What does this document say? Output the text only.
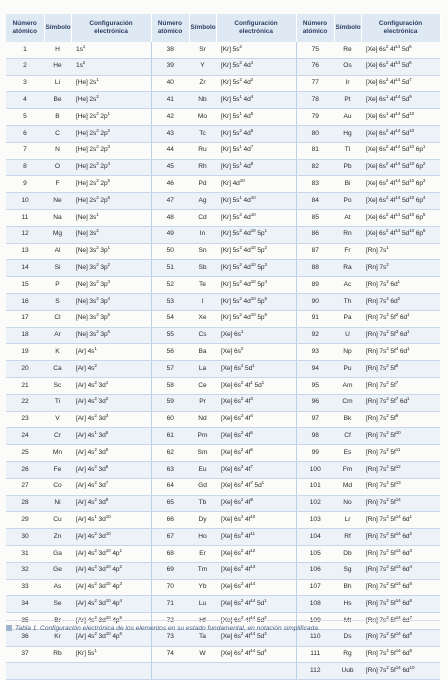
Número atómico	Símbolo	Configuración electrónica	Número atómico	Símbolo	Configuración electrónica	Número atómico	Símbolo	Configuración electrónica
1	H	$1s^1$	38	Sr	[Kr] $5s^2$	75	Re	[Xe] $6s^2$ $4f^{14}$ $5d^5$
2	He	$1s^2$	39	Y	[Kr] $5s^2$ $4d^1$	76	Os	[Xe] $6s^2$ $4f^{14}$ $5d^6$
3	Li	[He] $2s^1$	40	Zr	[Kr] $5s^2$ $4d^2$	77	Ir	[Xe] $6s^2$ $4f^{14}$ $5d^7$
4	Be	[He] $2s^2$	41	Nb	[Kr] $5s^1$ $4d^4$	78	Pt	[Xe] $6s^1$ $4f^{14}$ $5d^9$
5	B	[He] $2s^2$ $2p^1$	42	Mo	[Kr] $5s^1$ $4d^5$	79	Au	[Xe] $6s^1$ $4f^{14}$ $5d^{10}$
6	C	[He] $2s^2$ $2p^2$	43	Tc	[Kr] $5s^2$ $4d^5$	80	Hg	[Xe] $6s^2$ $4f^{14}$ $5d^{10}$
7	N	[He] $2s^2$ $2p^3$	44	Ru	[Kr] $5s^1$ $4d^7$	81	Tl	[Xe] $6s^2$ $4f^{14}$ $5d^{10}$ $6p^1$
8	O	[He] $2s^2$ $2p^4$	45	Rh	[Kr] $5s^1$ $4d^8$	82	Pb	[Xe] $6s^2$ $4f^{14}$ $5d^{10}$ $6p^2$
9	F	[He] $2s^2$ $2p^5$	46	Pd	[Kr] $4d^{10}$	83	Bi	[Xe] $6s^2$ $4f^{14}$ $5d^{10}$ $6p^3$
10	Ne	[He] $2s^2$ $2p^6$	47	Ag	[Kr] $5s^1$ $4d^{10}$	84	Po	[Xe] $6s^2$ $4f^{14}$ $5d^{10}$ $6p^4$
11	Na	[Ne] $3s^1$	48	Cd	[Kr] $5s^2$ $4d^{10}$	85	At	[Xe] $6s^2$ $4f^{14}$ $5d^{10}$ $6p^5$
12	Mg	[Ne] $3s^2$	49	In	[Kr] $5s^2$ $4d^{10}$ $5p^1$	86	Rn	[Xe] $6s^2$ $4f^{14}$ $5d^{10}$ $6p^6$
13	Al	[Ne] $3s^2$ $3p^1$	50	Sn	[Kr] $5s^2$ $4d^{10}$ $5p^2$	87	Fr	[Rn] $7s^1$
14	Si	[Ne] $3s^2$ $3p^2$	51	Sb	[Kr] $5s^2$ $4d^{10}$ $5p^3$	88	Ra	[Rn] $7s^2$
15	P	[Ne] $3s^2$ $3p^3$	52	Te	[Kr] $5s^2$ $4d^{10}$ $5p^4$	89	Ac	[Rn] $7s^2$ $6d^1$
16	S	[Ne] $3s^2$ $3p^4$	53	I	[Kr] $5s^2$ $4d^{10}$ $5p^5$	90	Th	[Rn] $7s^2$ $6d^2$
17	Cl	[Ne] $3s^2$ $3p^5$	54	Xe	[Kr] $5s^2$ $4d^{10}$ $5p^6$	91	Pa	[Rn] $7s^2$ $5f^2$ $6d^1$
18	Ar	[Ne] $3s^2$ $3p^6$	55	Cs	[Xe] $6s^1$	92	U	[Rn] $7s^2$ $5f^3$ $6d^1$
19	K	[Ar] $4s^1$	56	Ba	[Xe] $6s^2$	93	Np	[Rn] $7s^2$ $5f^4$ $6d^1$
20	Ca	[Ar] $4s^2$	57	La	[Xe] $6s^2$ $5d^1$	94	Pu	[Rn] $7s^2$ $5f^6$
21	Sc	[Ar] $4s^2$ $3d^1$	58	Ce	[Xe] $6s^2$ $4f^1$ $5d^1$	95	Am	[Rn] $7s^2$ $5f^7$
22	Ti	[Ar] $4s^2$ $3d^2$	59	Pr	[Xe] $6s^2$ $4f^3$	96	Cm	[Rn] $7s^2$ $5f^7$ $6d^1$
23	V	[Ar] $4s^2$ $3d^3$	60	Nd	[Xe] $6s^2$ $4f^4$	97	Bk	[Rn] $7s^2$ $5f^9$
24	Cr	[Ar] $4s^1$ $3d^5$	61	Pm	[Xe] $6s^2$ $4f^5$	98	Cf	[Rn] $7s^2$ $5f^{10}$
25	Mn	[Ar] $4s^2$ $3d^5$	62	Sm	[Xe] $6s^2$ $4f^6$	99	Es	[Rn] $7s^2$ $5f^{11}$
26	Fe	[Ar] $4s^2$ $3d^6$	63	Eu	[Xe] $6s^2$ $4f^7$	100	Fm	[Rn] $7s^2$ $5f^{12}$
27	Co	[Ar] $4s^2$ $3d^7$	64	Gd	[Xe] $6s^2$ $4f^7$ $5d^1$	101	Md	[Rn] $7s^2$ $5f^{13}$
28	Ni	[Ar] $4s^2$ $3d^8$	65	Tb	[Xe] $6s^2$ $4f^9$	102	No	[Rn] $7s^2$ $5f^{14}$
29	Cu	[Ar] $4s^1$ $3d^{10}$	66	Dy	[Xe] $6s^2$ $4f^{10}$	103	Lr	[Rn] $7s^2$ $5f^{14}$ $6d^1$
30	Zn	[Ar] $4s^2$ $3d^{10}$	67	Ho	[Xe] $6s^2$ $4f^{11}$	104	Rf	[Rn] $7s^2$ $5f^{14}$ $6d^2$
31	Ga	[Ar] $4s^2$ $3d^{10}$ $4p^1$	68	Er	[Xe] $6s^2$ $4f^{12}$	105	Db	[Rn] $7s^2$ $5f^{14}$ $6d^3$
32	Ge	[Ar] $4s^2$ $3d^{10}$ $4p^2$	69	Tm	[Xe] $6s^2$ $4f^{13}$	106	Sg	[Rn] $7s^2$ $5f^{14}$ $6d^4$
33	As	[Ar] $4s^2$ $3d^{10}$ $4p^3$	70	Yb	[Xe] $6s^2$ $4f^{14}$	107	Bh	[Rn] $7s^2$ $5f^{14}$ $6d^5$
34	Se	[Ar] $4s^2$ $3d^{10}$ $4p^4$	71	Lu	[Xe] $6s^2$ $4f^{14}$ $5d^1$	108	Hs	[Rn] $7s^2$ $5f^{14}$ $6d^6$
35	Br	[Ar] $4s^2$ $3d^{10}$ $4p^5$	72	Hf	[Xe] $6s^2$ $4f^{14}$ $5d^2$	109	Mt	[Rn] $7s^2$ $5f^{14}$ $6d^7$
36	Kr	[Ar] $4s^2$ $3d^{10}$ $4p^6$	73	Ta	[Xe] $6s^2$ $4f^{14}$ $5d^3$	110	Ds	[Rn] $7s^2$ $5f^{14}$ $6d^8$
37	Rb	[Kr] $5s^1$	74	W	[Xe] $6s^2$ $4f^{14}$ $5d^4$	111	Rg	[Rn] $7s^2$ $5f^{14}$ $6d^9$
						112	Uub	[Rn] $7s^2$ $5f^{14}$ $6d^{10}$
Tabla 1. Configuración electrónica de los elementos en su estado fundamental, en notación simplificada.
